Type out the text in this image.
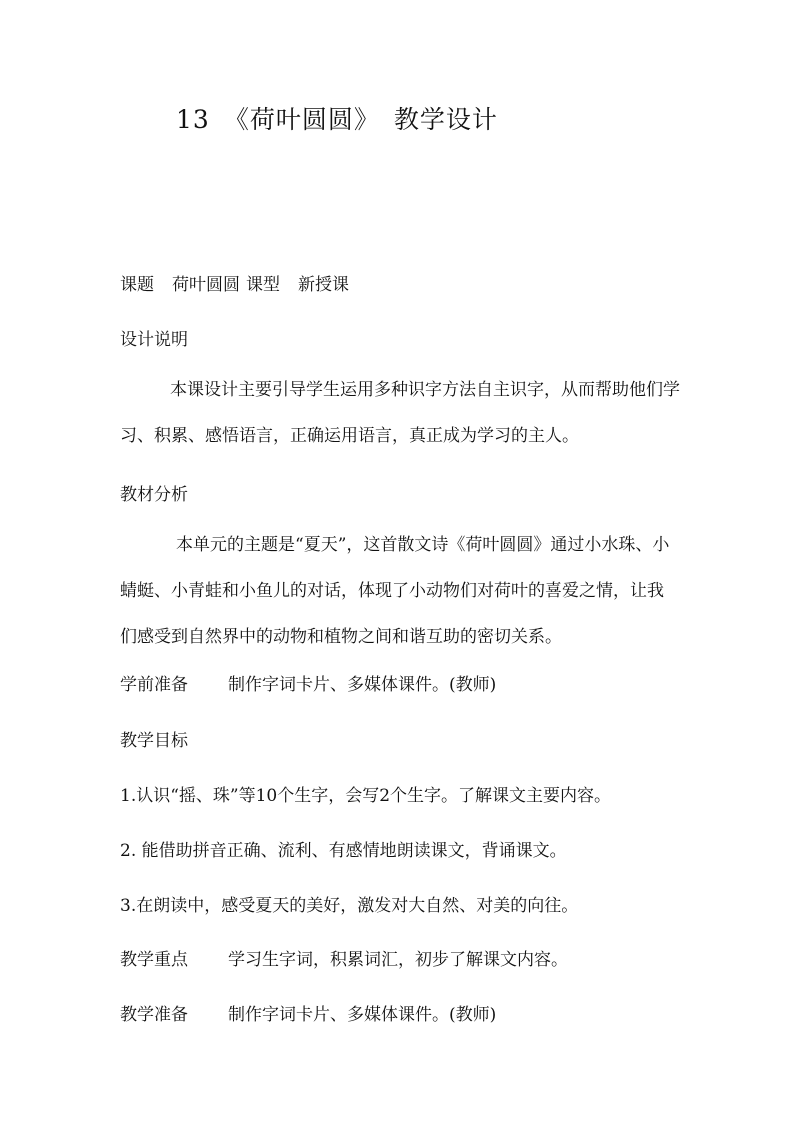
13 《荷叶圆圆》 教学设计
课题 荷叶圆圆 课型 新授课
设计说明
本课设计主要引导学生运用多种识字方法自主识字，从而帮助他们学习、积累、感悟语言，正确运用语言，真正成为学习的主人。
教材分析
本单元的主题是“夏天”，这首散文诗《荷叶圆圆》通过小水珠、小蜻蜓、小青蛙和小鱼儿的对话，体现了小动物们对荷叶的喜爱之情，让我们感受到自然界中的动物和植物之间和谐互助的密切关系。
学前准备 制作字词卡片、多媒体课件。(教师)
教学目标
1.认识“摇、珠”等10个生字，会写2个生字。了解课文主要内容。
2. 能借助拼音正确、流利、有感情地朗读课文，背诵课文。
3.在朗读中，感受夏天的美好，激发对大自然、对美的向往。
教学重点 学习生字词，积累词汇，初步了解课文内容。
教学准备 制作字词卡片、多媒体课件。(教师)
